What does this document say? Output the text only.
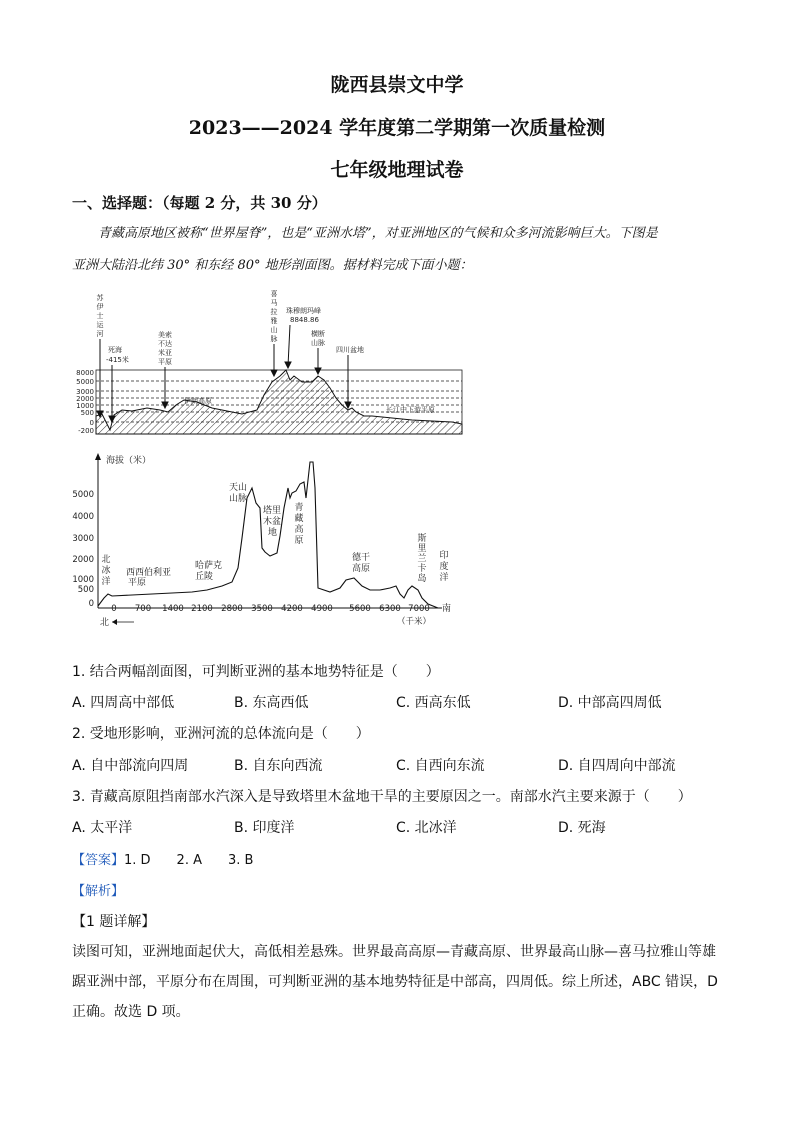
陇西县崇文中学
2023——2024 学年度第二学期第一次质量检测
七年级地理试卷
一、选择题：（每题 2 分，共 30 分）
青藏高原地区被称“世界屋脊”，也是“亚洲水塔”，对亚洲地区的气候和众多河流影响巨大。下图是
亚洲大陆沿北纬 30° 和东经 80° 地形剖面图。据材料完成下面小题：
8000
5000
3000
2000
1000
500
0
-200
苏
伊
士
运
河
死海
-415米
美索
不达
米亚
平原
伊朗高原
喜
马
拉
雅
山
脉
珠穆朗玛峰
8848.86
横断
山脉
四川盆地
长江中下游平原
海拔（米）
5000
4000
3000
2000
1000
500
0 0 700 1400 2100 2800 3500 4200 4900 5600 6300 7000
（千米）
南
北
北
冰
洋
西西伯利亚
平原
哈萨克
丘陵
天山
山脉
塔里
木盆
地
青
藏
高
原
德干
高原
斯
里
兰
卡
岛
印
度
洋
1. 结合两幅剖面图，可判断亚洲的基本地势特征是（　　）
A. 四周高中部低	B. 东高西低	C. 西高东低	D. 中部高四周低
2. 受地形影响，亚洲河流的总体流向是（　　）
A. 自中部流向四周	B. 自东向西流	C. 自西向东流	D. 自四周向中部流
3. 青藏高原阻挡南部水汽深入是导致塔里木盆地干旱的主要原因之一。南部水汽主要来源于（　　）
A. 太平洋	B. 印度洋	C. 北冰洋	D. 死海
【答案】1. D　　2. A　　3. B
【解析】
【1 题详解】
读图可知，亚洲地面起伏大，高低相差悬殊。世界最高高原—青藏高原、世界最高山脉—喜马拉雅山等雄
踞亚洲中部，平原分布在周围，可判断亚洲的基本地势特征是中部高，四周低。综上所述，ABC 错误，D
正确。故选 D 项。
